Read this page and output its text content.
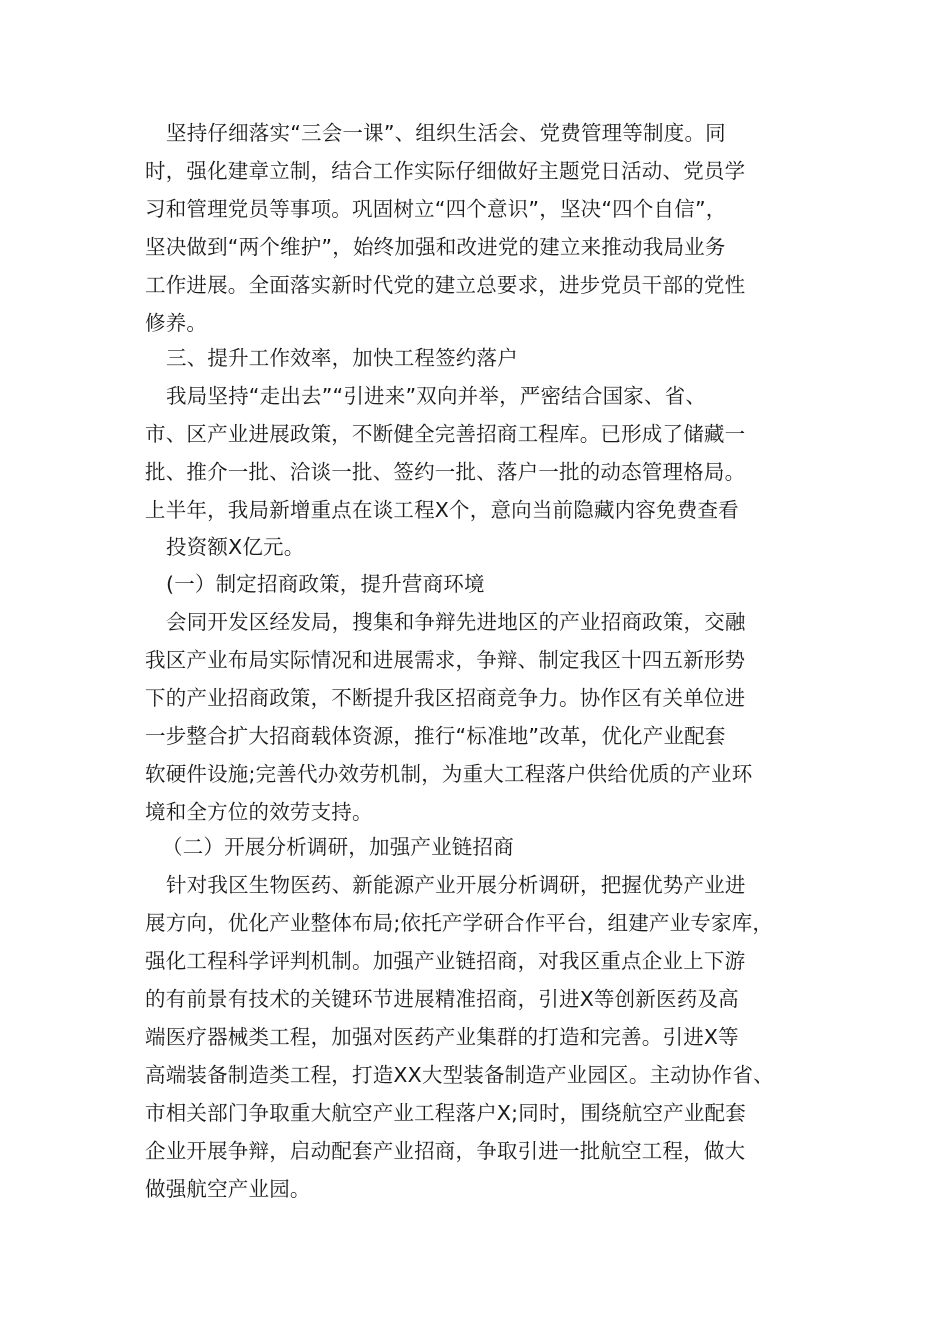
坚持仔细落实“三会一课”、组织生活会、党费管理等制度。同
时，强化建章立制，结合工作实际仔细做好主题党日活动、党员学
习和管理党员等事项。巩固树立“四个意识”，坚决“四个自信”，
坚决做到“两个维护”，始终加强和改进党的建立来推动我局业务
工作进展。全面落实新时代党的建立总要求，进步党员干部的党性
修养。
三、提升工作效率，加快工程签约落户
我局坚持“走出去”“引进来”双向并举，严密结合国家、省、
市、区产业进展政策，不断健全完善招商工程库。已形成了储藏一
批、推介一批、洽谈一批、签约一批、落户一批的动态管理格局。
上半年，我局新增重点在谈工程X个，意向当前隐藏内容免费查看
投资额X亿元。
(一）制定招商政策，提升营商环境
会同开发区经发局，搜集和争辩先进地区的产业招商政策，交融
我区产业布局实际情况和进展需求，争辩、制定我区十四五新形势
下的产业招商政策，不断提升我区招商竞争力。协作区有关单位进
一步整合扩大招商载体资源，推行“标准地”改革，优化产业配套
软硬件设施;完善代办效劳机制，为重大工程落户供给优质的产业环
境和全方位的效劳支持。
（二）开展分析调研，加强产业链招商
针对我区生物医药、新能源产业开展分析调研，把握优势产业进
展方向，优化产业整体布局;依托产学研合作平台，组建产业专家库，
强化工程科学评判机制。加强产业链招商，对我区重点企业上下游
的有前景有技术的关键环节进展精准招商，引进X等创新医药及高
端医疗器械类工程，加强对医药产业集群的打造和完善。引进X等
高端装备制造类工程，打造XX大型装备制造产业园区。主动协作省、
市相关部门争取重大航空产业工程落户X;同时，围绕航空产业配套
企业开展争辩，启动配套产业招商，争取引进一批航空工程，做大
做强航空产业园。
